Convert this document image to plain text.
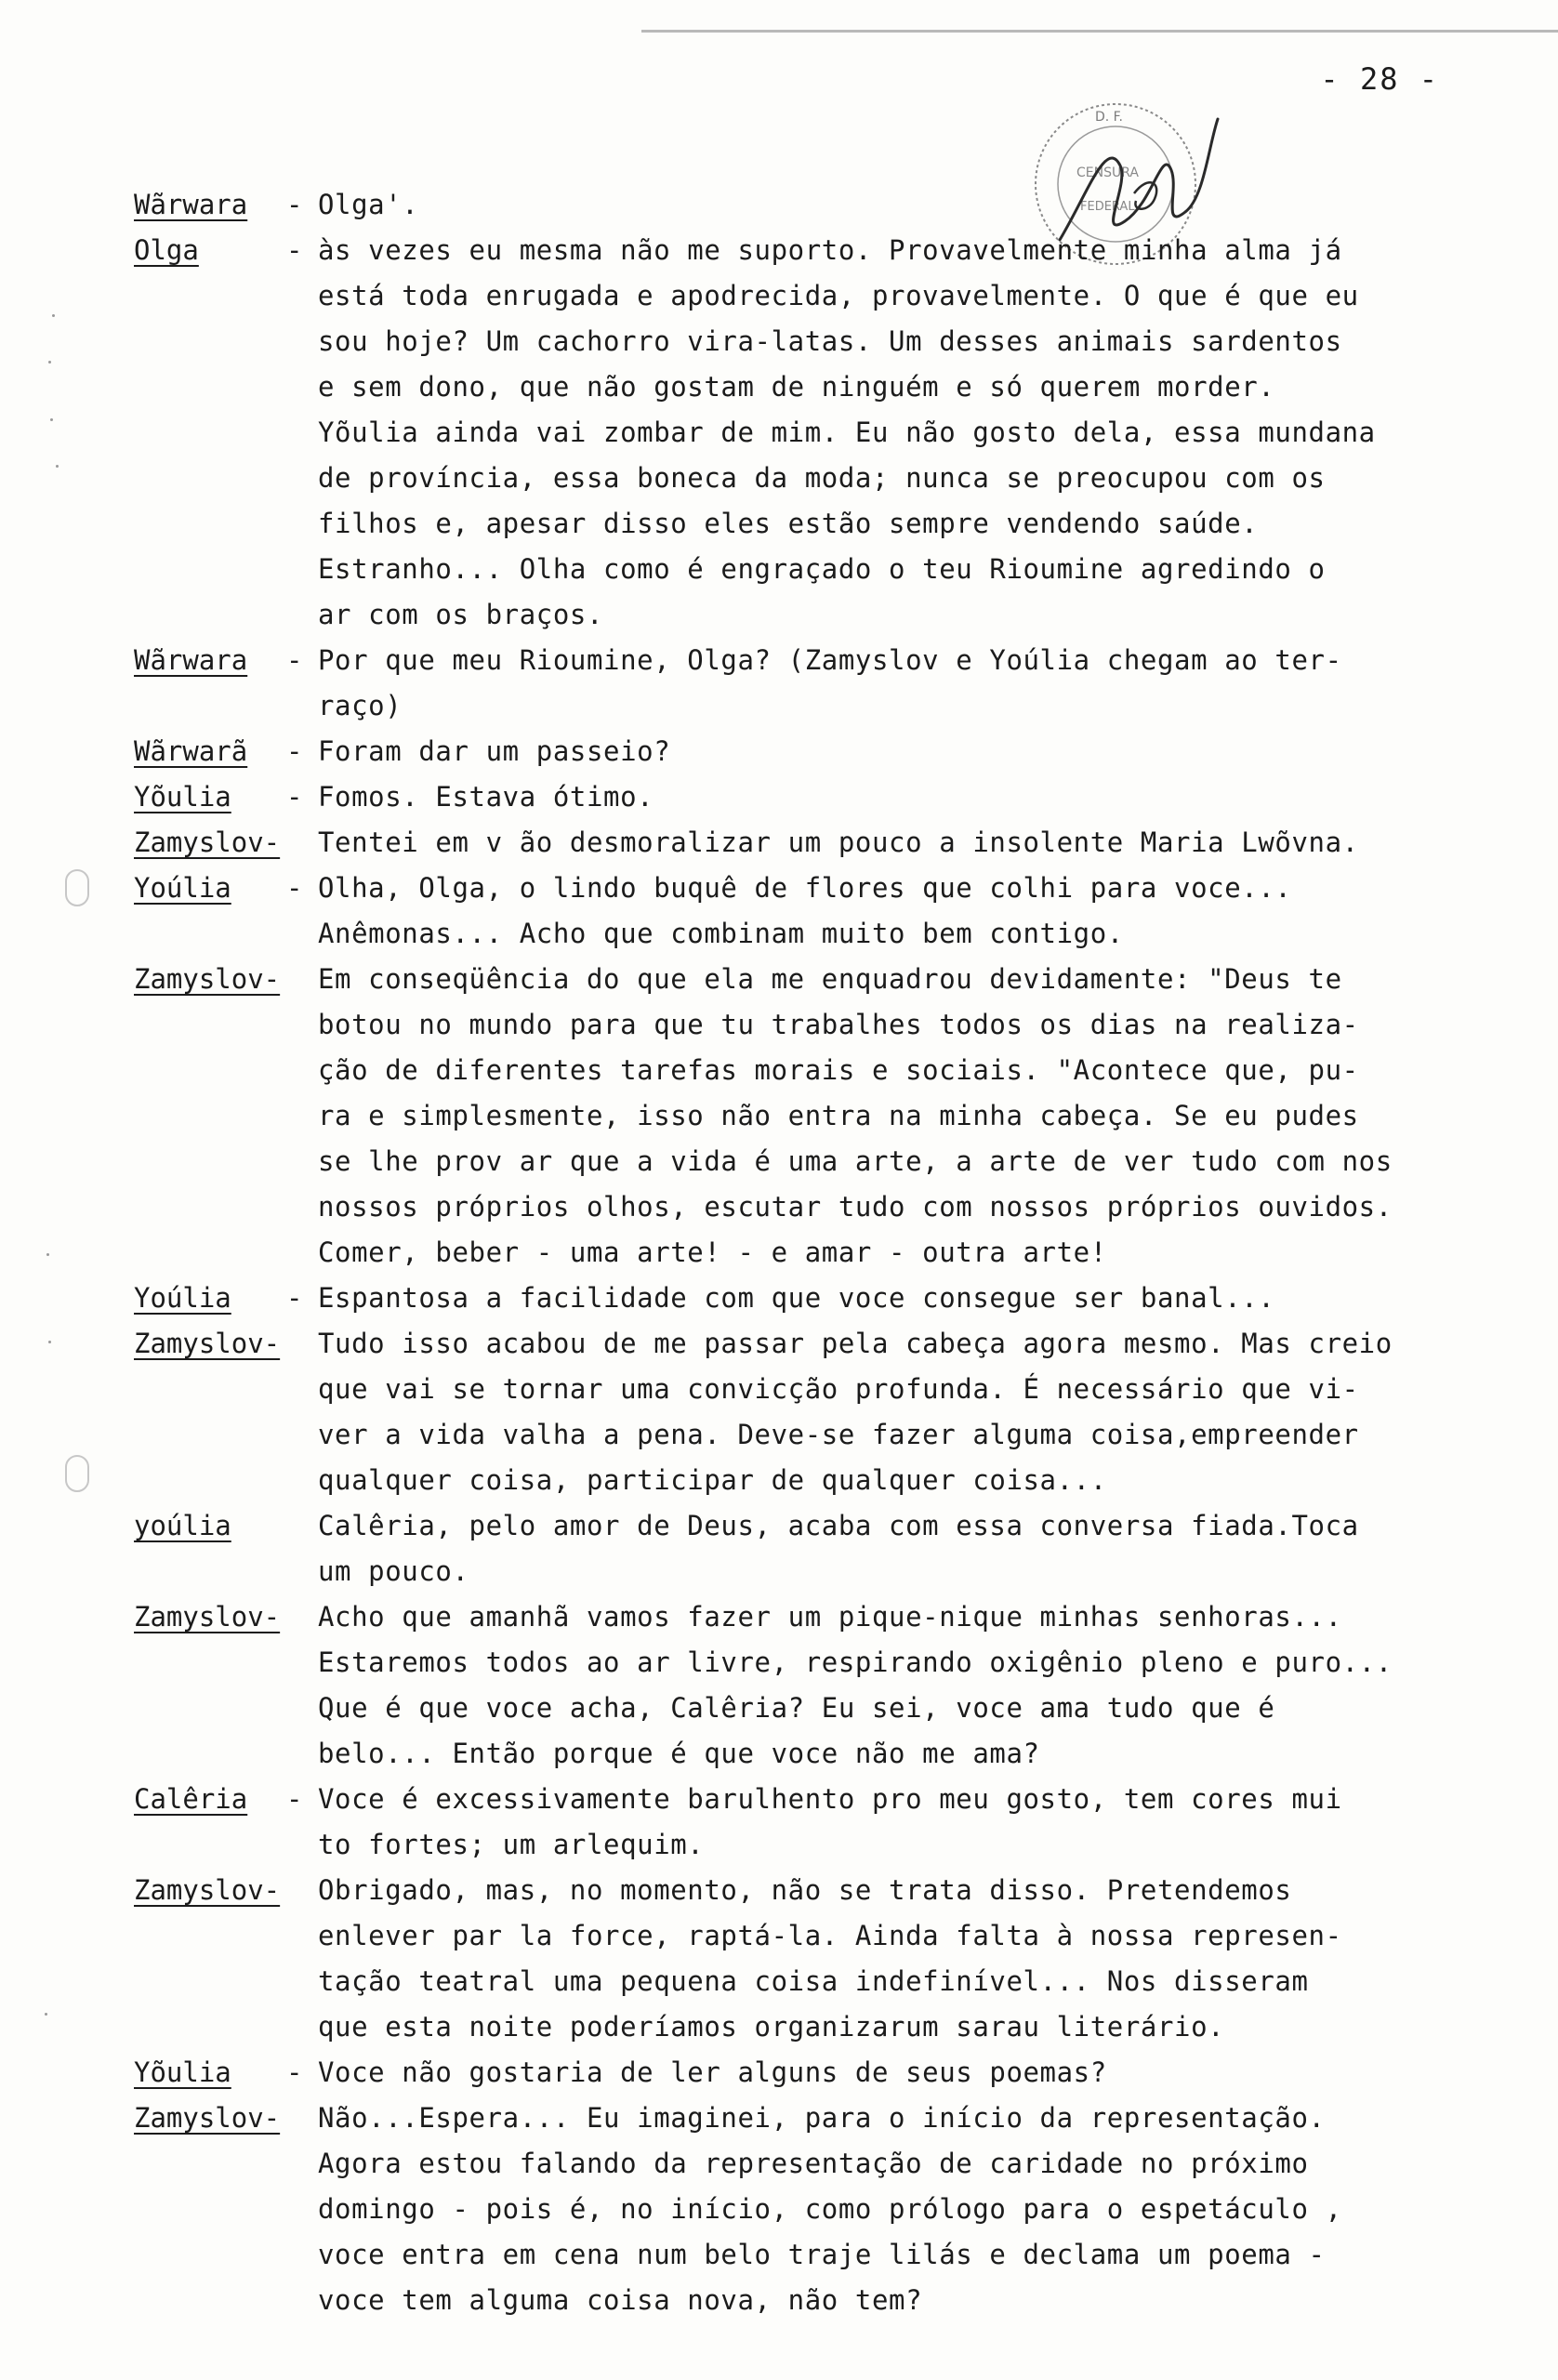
- 28 -
D. F.
CENSURA
FEDERAL
Wãrwara - Olga'.
Olga	- às vezes eu mesma não me suporto. Provavelmente minha alma já
está toda enrugada e apodrecida, provavelmente. O que é que eu
sou hoje? Um cachorro vira-latas. Um desses animais sardentos
e sem dono, que não gostam de ninguém e só querem morder.
Yõulia ainda vai zombar de mim. Eu não gosto dela, essa mundana
de província, essa boneca da moda; nunca se preocupou com os
filhos e, apesar disso eles estão sempre vendendo saúde.
Estranho... Olha como é engraçado o teu Rioumine agredindo o
ar com os braços.
Wãrwara - Por que meu Rioumine, Olga? (Zamyslov e Yoúlia chegam ao ter-
raço)
Wãrwarã - Foram dar um passeio?
Yõulia - Fomos. Estava ótimo.
Zamyslov- Tentei em v ão desmoralizar um pouco a insolente Maria Lwõvna.
Yoúlia - Olha, Olga, o lindo buquê de flores que colhi para voce...
Anêmonas... Acho que combinam muito bem contigo.
Zamyslov- Em conseqüência do que ela me enquadrou devidamente: "Deus te
botou no mundo para que tu trabalhes todos os dias na realiza-
ção de diferentes tarefas morais e sociais. "Acontece que, pu-
ra e simplesmente, isso não entra na minha cabeça. Se eu pudes
se lhe prov ar que a vida é uma arte, a arte de ver tudo com nos
nossos próprios olhos, escutar tudo com nossos próprios ouvidos.
Comer, beber - uma arte! - e amar - outra arte!
Yoúlia - Espantosa a facilidade com que voce consegue ser banal...
Zamyslov- Tudo isso acabou de me passar pela cabeça agora mesmo. Mas creio
que vai se tornar uma convicção profunda. É necessário que vi-
ver a vida valha a pena. Deve-se fazer alguma coisa,empreender
qualquer coisa, participar de qualquer coisa...
yoúlia	Calêria, pelo amor de Deus, acaba com essa conversa fiada.Toca
um pouco.
Zamyslov- Acho que amanhã vamos fazer um pique-nique minhas senhoras...
Estaremos todos ao ar livre, respirando oxigênio pleno e puro...
Que é que voce acha, Calêria? Eu sei, voce ama tudo que é
belo... Então porque é que voce não me ama?
Calêria - Voce é excessivamente barulhento pro meu gosto, tem cores mui
to fortes; um arlequim.
Zamyslov- Obrigado, mas, no momento, não se trata disso. Pretendemos
enlever par la force, raptá-la. Ainda falta à nossa represen-
tação teatral uma pequena coisa indefinível... Nos disseram
que esta noite poderíamos organizarum sarau literário.
Yõulia - Voce não gostaria de ler alguns de seus poemas?
Zamyslov- Não...Espera... Eu imaginei, para o início da representação.
Agora estou falando da representação de caridade no próximo
domingo - pois é, no início, como prólogo para o espetáculo ,
voce entra em cena num belo traje lilás e declama um poema -
voce tem alguma coisa nova, não tem?
